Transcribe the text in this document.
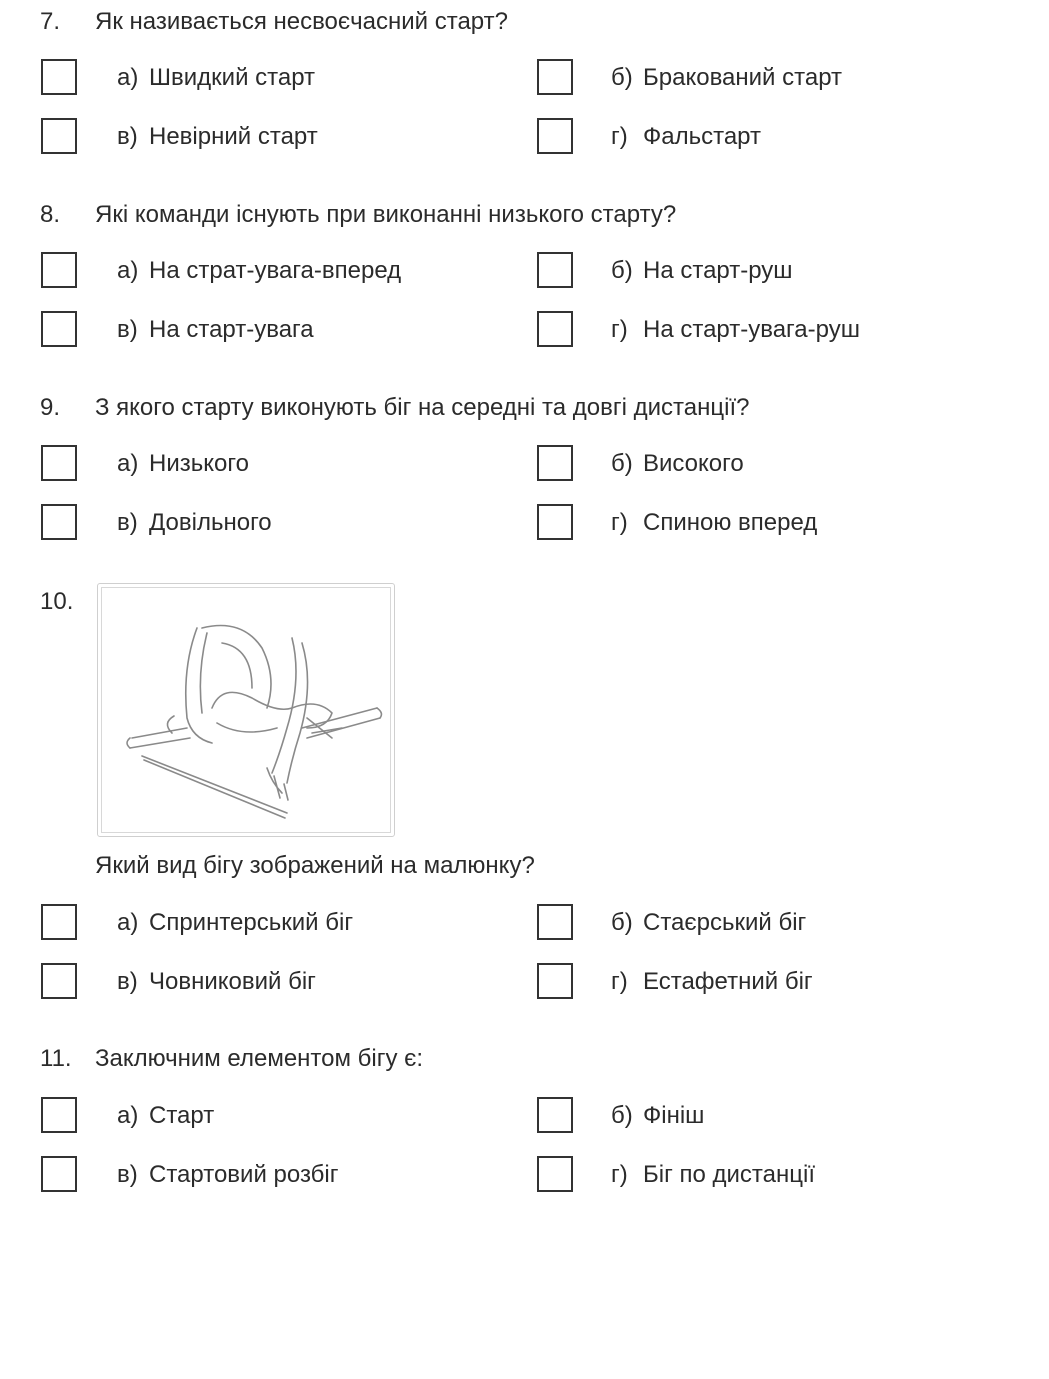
7. Як називається несвоєчасний старт?
а) Швидкий старт	б) Бракований старт
в) Невірний старт	г) Фальстарт
8. Які команди існують при виконанні низького старту?
а) На страт-увага-вперед	б) На старт-руш
в) На старт-увага	г) На старт-увага-руш
9. З якого старту виконують біг на середні та довгі дистанції?
а) Низького	б) Високого
в) Довільного	г) Спиною вперед
10.
Який вид бігу зображений на малюнку?
а) Спринтерський біг	б) Стаєрський біг
в) Човниковий біг	г) Естафетний біг
11. Заключним елементом бігу є:
а) Старт	б) Фініш
в) Стартовий розбіг	г) Біг по дистанції
